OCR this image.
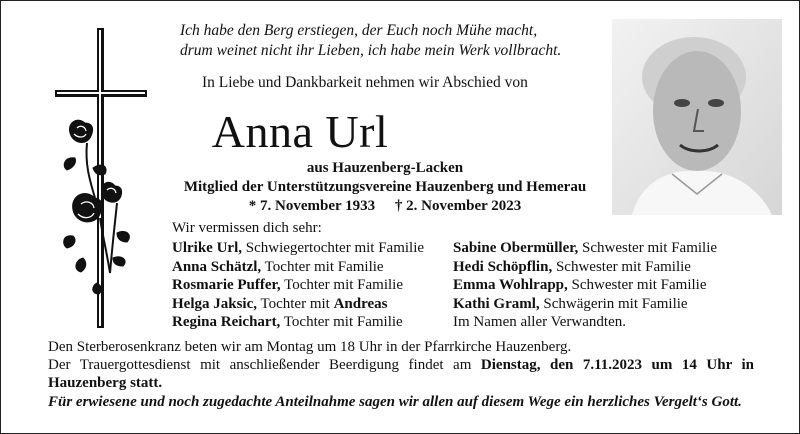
Ich habe den Berg erstiegen, der Euch noch Mühe macht,
drum weinet nicht ihr Lieben, ich habe mein Werk vollbracht.
In Liebe und Dankbarkeit nehmen wir Abschied von
Anna Url
aus Hauzenberg-Lacken
Mitglied der Unterstützungsvereine Hauzenberg und Hemerau
* 7. November 1933 † 2. November 2023
Wir vermissen dich sehr:
Ulrike Url, Schwiegertochter mit Familie
Anna Schätzl, Tochter mit Familie
Rosmarie Puffer, Tochter mit Familie
Helga Jaksic, Tochter mit Andreas
Regina Reichart, Tochter mit Familie
Sabine Obermüller, Schwester mit Familie
Hedi Schöpflin, Schwester mit Familie
Emma Wohlrapp, Schwester mit Familie
Kathi Graml, Schwägerin mit Familie
Im Namen aller Verwandten.
Den Sterberosenkranz beten wir am Montag um 18 Uhr in der Pfarrkirche Hauzenberg.
Der Trauergottesdienst mit anschließender Beerdigung findet am Dienstag, den 7.11.2023 um 14 Uhr in Hauzenberg statt.
Für erwiesene und noch zugedachte Anteilnahme sagen wir allen auf diesem Wege ein herzliches Vergelt‘s Gott.
